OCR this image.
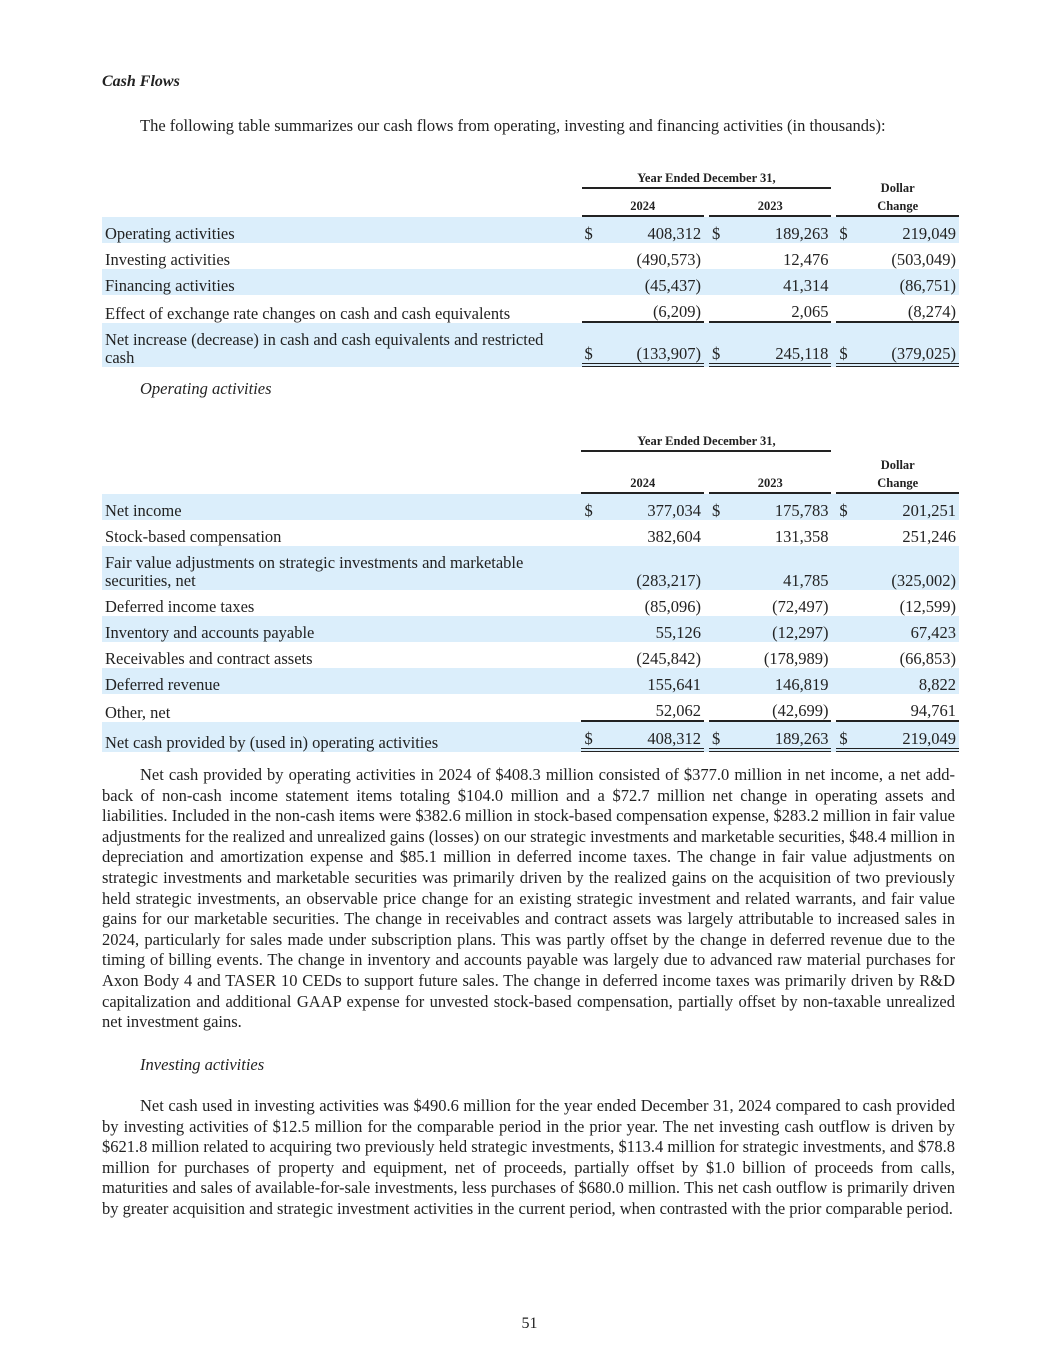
Cash Flows
The following table summarizes our cash flows from operating, investing and financing activities (in thousands):
	Year Ended December 31,						Dollar
Change	
	2024			2023				
Operating activities	$	408,312		$	189,263		$	219,049
Investing activities		(490,573)			12,476			(503,049)
Financing activities		(45,437)			41,314			(86,751)
Effect of exchange rate changes on cash and cash equivalents		(6,209)			2,065			(8,274)
Net increase (decrease) in cash and cash equivalents and restricted
cash	$	(133,907)		$	245,118		$	(379,025)
Operating activities
	Year Ended December 31,						Dollar
Change	
	2024			2023				
Net income	$	377,034		$	175,783		$	201,251
Stock-based compensation		382,604			131,358			251,246
Fair value adjustments on strategic investments and marketable
securities, net		(283,217)			41,785			(325,002)
Deferred income taxes		(85,096)			(72,497)			(12,599)
Inventory and accounts payable		55,126			(12,297)			67,423
Receivables and contract assets		(245,842)			(178,989)			(66,853)
Deferred revenue		155,641			146,819			8,822
Other, net		52,062			(42,699)			94,761
Net cash provided by (used in) operating activities	$	408,312		$	189,263		$	219,049

Net cash provided by operating activities in 2024 of $408.3 million consisted of $377.0 million in net income, a net add-back of non-cash income statement items totaling $104.0 million and a $72.7 million net change in operating assets and liabilities. Included in the non-cash items were $382.6 million in stock-based compensation expense, $283.2 million in fair value adjustments for the realized and unrealized gains (losses) on our strategic investments and marketable securities, $48.4 million in depreciation and amortization expense and $85.1 million in deferred income taxes. The change in fair value adjustments on strategic investments and marketable securities was primarily driven by the realized gains on the acquisition of two previously held strategic investments, an observable price change for an existing strategic investment and related warrants, and fair value gains for our marketable securities. The change in receivables and contract assets was largely attributable to increased sales in 2024, particularly for sales made under subscription plans. This was partly offset by the change in deferred revenue due to the timing of billing events. The change in inventory and accounts payable was largely due to advanced raw material purchases for Axon Body 4 and TASER 10 CEDs to support future sales. The change in deferred income taxes was primarily driven by R&D capitalization and additional GAAP expense for unvested stock-based compensation, partially offset by non-taxable unrealized net investment gains.

Investing activities

Net cash used in investing activities was $490.6 million for the year ended December 31, 2024 compared to cash provided by investing activities of $12.5 million for the comparable period in the prior year. The net investing cash outflow is driven by $621.8 million related to acquiring two previously held strategic investments, $113.4 million for strategic investments, and $78.8 million for purchases of property and equipment, net of proceeds, partially offset by $1.0 billion of proceeds from calls, maturities and sales of available-for-sale investments, less purchases of $680.0 million. This net cash outflow is primarily driven by greater acquisition and strategic investment activities in the current period, when contrasted with the prior comparable period.

51
